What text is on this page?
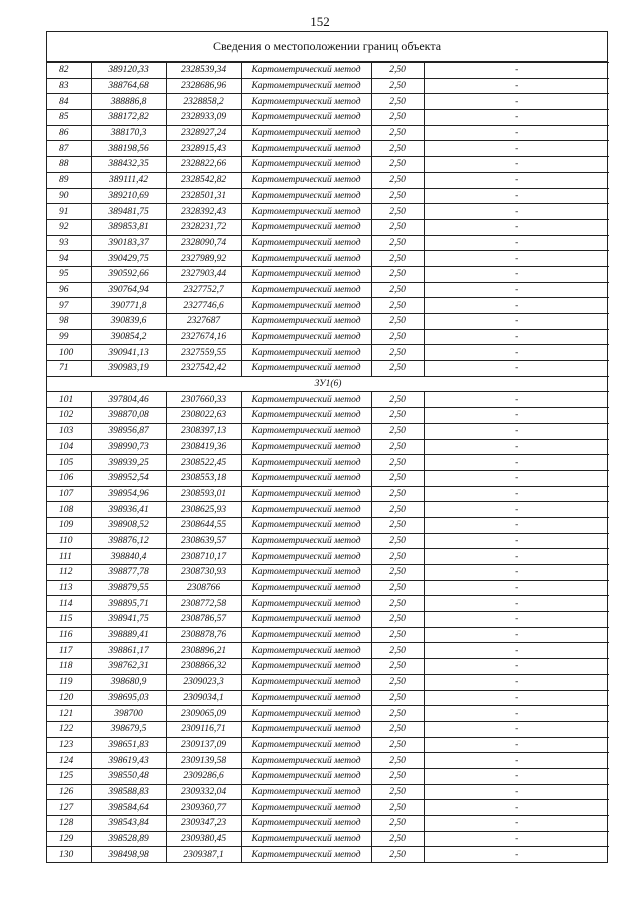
152
Сведения о местоположении границ объекта
82	389120,33	2328539,34	Картометрический метод	2,50	-
83	388764,68	2328686,96	Картометрический метод	2,50	-
84	388886,8	2328858,2	Картометрический метод	2,50	-
85	388172,82	2328933,09	Картометрический метод	2,50	-
86	388170,3	2328927,24	Картометрический метод	2,50	-
87	388198,56	2328915,43	Картометрический метод	2,50	-
88	388432,35	2328822,66	Картометрический метод	2,50	-
89	389111,42	2328542,82	Картометрический метод	2,50	-
90	389210,69	2328501,31	Картометрический метод	2,50	-
91	389481,75	2328392,43	Картометрический метод	2,50	-
92	389853,81	2328231,72	Картометрический метод	2,50	-
93	390183,37	2328090,74	Картометрический метод	2,50	-
94	390429,75	2327989,92	Картометрический метод	2,50	-
95	390592,66	2327903,44	Картометрический метод	2,50	-
96	390764,94	2327752,7	Картометрический метод	2,50	-
97	390771,8	2327746,6	Картометрический метод	2,50	-
98	390839,6	2327687	Картометрический метод	2,50	-
99	390854,2	2327674,16	Картометрический метод	2,50	-
100	390941,13	2327559,55	Картометрический метод	2,50	-
71	390983,19	2327542,42	Картометрический метод	2,50	-
ЗУ1(6)					
101	397804,46	2307660,33	Картометрический метод	2,50	-
102	398870,08	2308022,63	Картометрический метод	2,50	-
103	398956,87	2308397,13	Картометрический метод	2,50	-
104	398990,73	2308419,36	Картометрический метод	2,50	-
105	398939,25	2308522,45	Картометрический метод	2,50	-
106	398952,54	2308553,18	Картометрический метод	2,50	-
107	398954,96	2308593,01	Картометрический метод	2,50	-
108	398936,41	2308625,93	Картометрический метод	2,50	-
109	398908,52	2308644,55	Картометрический метод	2,50	-
110	398876,12	2308639,57	Картометрический метод	2,50	-
111	398840,4	2308710,17	Картометрический метод	2,50	-
112	398877,78	2308730,93	Картометрический метод	2,50	-
113	398879,55	2308766	Картометрический метод	2,50	-
114	398895,71	2308772,58	Картометрический метод	2,50	-
115	398941,75	2308786,57	Картометрический метод	2,50	-
116	398889,41	2308878,76	Картометрический метод	2,50	-
117	398861,17	2308896,21	Картометрический метод	2,50	-
118	398762,31	2308866,32	Картометрический метод	2,50	-
119	398680,9	2309023,3	Картометрический метод	2,50	-
120	398695,03	2309034,1	Картометрический метод	2,50	-
121	398700	2309065,09	Картометрический метод	2,50	-
122	398679,5	2309116,71	Картометрический метод	2,50	-
123	398651,83	2309137,09	Картометрический метод	2,50	-
124	398619,43	2309139,58	Картометрический метод	2,50	-
125	398550,48	2309286,6	Картометрический метод	2,50	-
126	398588,83	2309332,04	Картометрический метод	2,50	-
127	398584,64	2309360,77	Картометрический метод	2,50	-
128	398543,84	2309347,23	Картометрический метод	2,50	-
129	398528,89	2309380,45	Картометрический метод	2,50	-
130	398498,98	2309387,1	Картометрический метод	2,50	-
